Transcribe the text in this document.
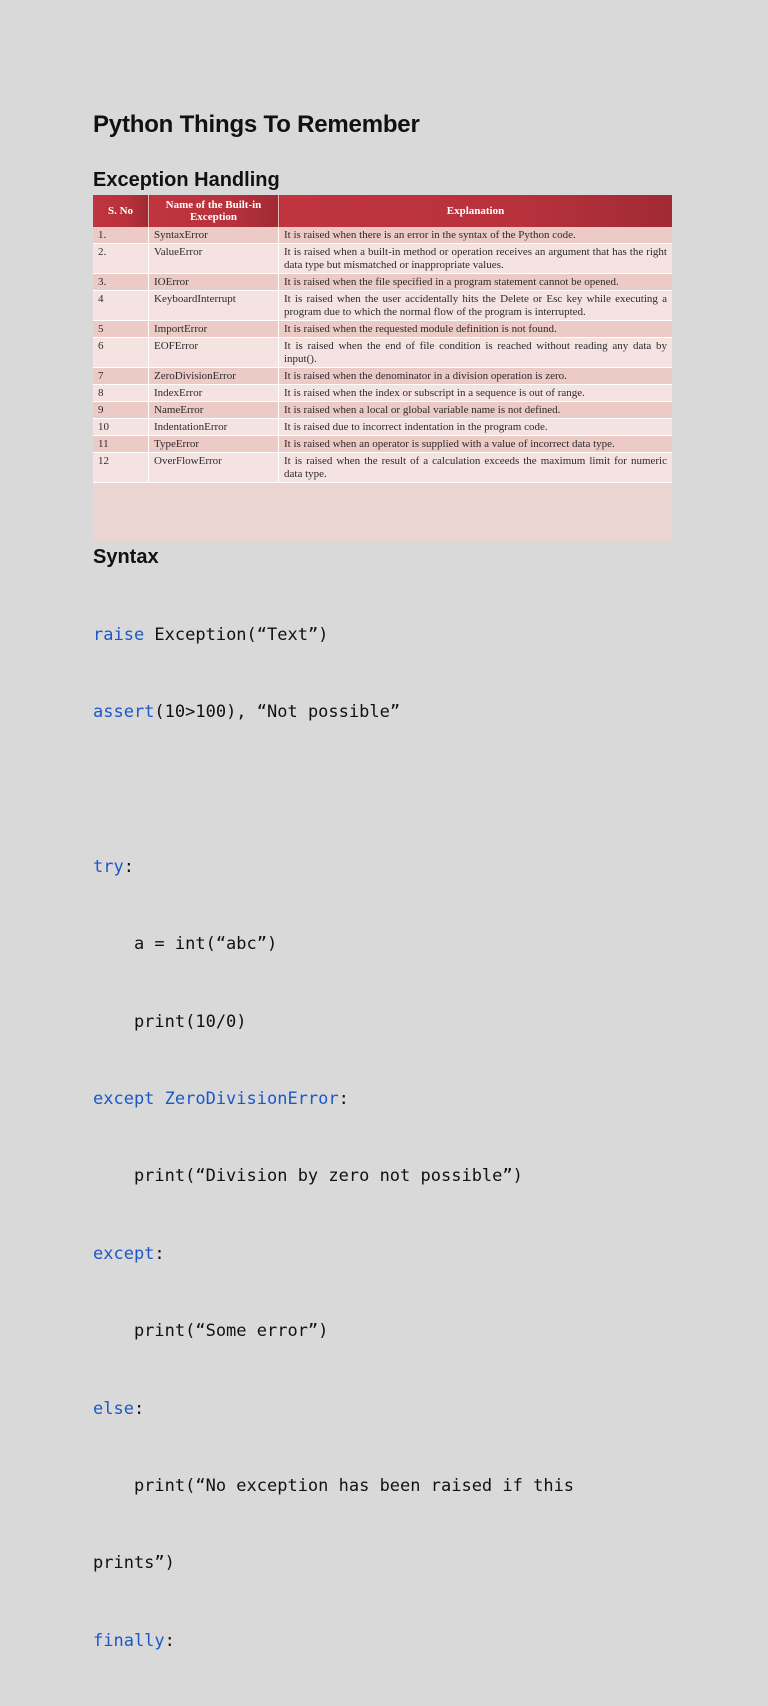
Python Things To Remember
Exception Handling
S. No	Name of the Built-in Exception	Explanation
1.	SyntaxError	It is raised when there is an error in the syntax of the Python code.
2.	ValueError	It is raised when a built-in method or operation receives an argument that has the right data type but mismatched or inappropriate values.
3.	IOError	It is raised when the file specified in a program statement cannot be opened.
4	KeyboardInterrupt	It is raised when the user accidentally hits the Delete or Esc key while executing a program due to which the normal flow of the program is interrupted.
5	ImportError	It is raised when the requested module definition is not found.
6	EOFError	It is raised when the end of file condition is reached without reading any data by input().
7	ZeroDivisionError	It is raised when the denominator in a division operation is zero.
8	IndexError	It is raised when the index or subscript in a sequence is out of range.
9	NameError	It is raised when a local or global variable name is not defined.
10	IndentationError	It is raised due to incorrect indentation in the program code.
11	TypeError	It is raised when an operator is supplied with a value of incorrect data type.
12	OverFlowError	It is raised when the result of a calculation exceeds the maximum limit for numeric data type.
Syntax

raise Exception(“Text”)

assert(10>100), “Not possible”

try:

a = int(“abc”)

print(10/0)

except ZeroDivisionError:

print(“Division by zero not possible”)

except:

print(“Some error”)

else:

print(“No exception has been raised if this

prints”)

finally:
